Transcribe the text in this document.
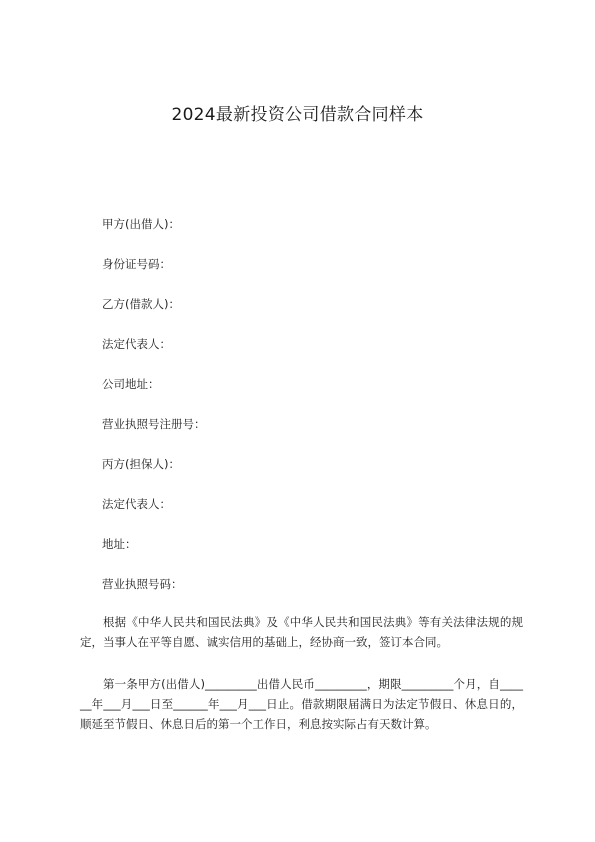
2024最新投资公司借款合同样本
甲方(出借人)：
身份证号码：
乙方(借款人)：
法定代表人：
公司地址：
营业执照号注册号：
丙方(担保人)：
法定代表人：
地址：
营业执照号码：
根据《中华人民共和国民法典》及《中华人民共和国民法典》等有关法律法规的规定，当事人在平等自愿、诚实信用的基础上，经协商一致，签订本合同。
第一条甲方(出借人)_________出借人民币_________，期限_________个月，自______年___月___日至______年___月___日止。借款期限届满日为法定节假日、休息日的，顺延至节假日、休息日后的第一个工作日，利息按实际占有天数计算。
